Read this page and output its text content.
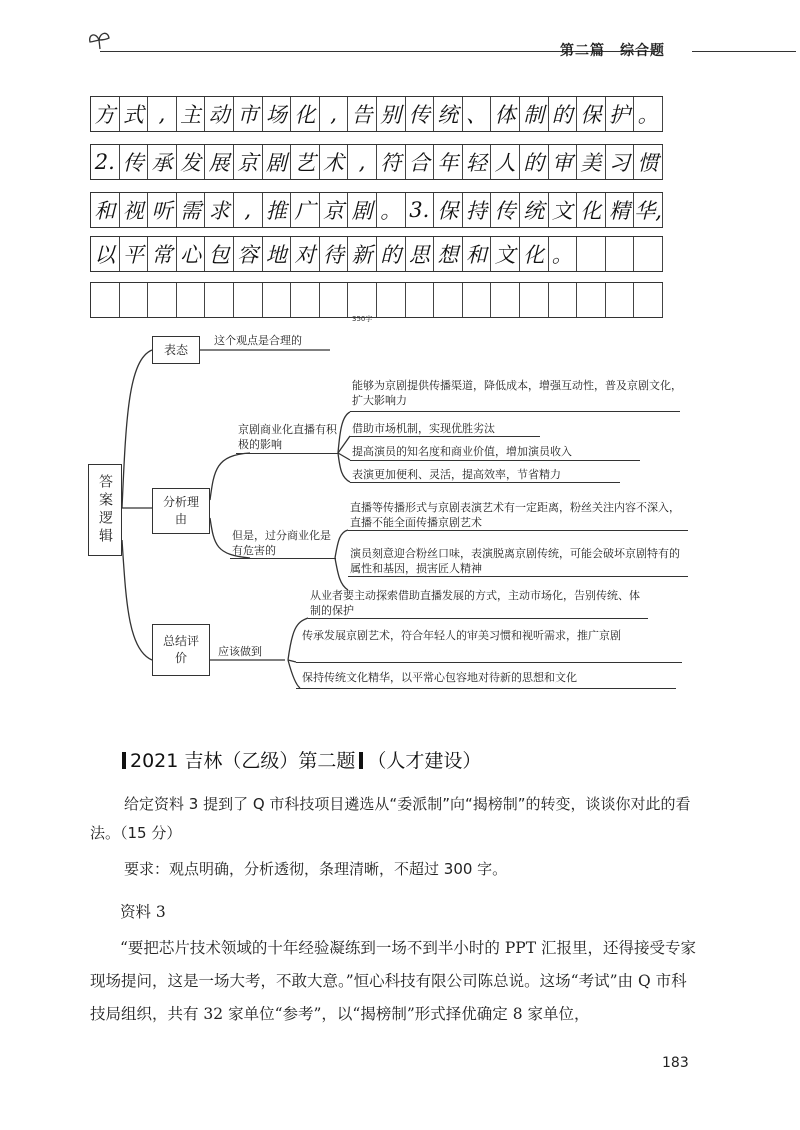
第二篇　综合题
方 式 , 主 动 市 场 化 , 告 别 传 统 、 体 制 的 保 护 。
2. 传 承 发 展 京 剧 艺 术 , 符 合 年 轻 人 的 审 美 习 惯
和 视 听 需 求 , 推 广 京 剧 。 3. 保 持 传 统 文 化 精 华,
以 平 常 心 包 容 地 对 待 新 的 思 想 和 文 化 。
350字
答案逻辑
表态
分析理由
总结评价
这个观点是合理的
京剧商业化直播有积极的影响
能够为京剧提供传播渠道，降低成本，增强互动性，普及京剧文化，扩大影响力
借助市场机制，实现优胜劣汰
提高演员的知名度和商业价值，增加演员收入
表演更加便利、灵活，提高效率，节省精力
但是，过分商业化是有危害的
直播等传播形式与京剧表演艺术有一定距离，粉丝关注内容不深入，直播不能全面传播京剧艺术
演员刻意迎合粉丝口味，表演脱离京剧传统，可能会破坏京剧特有的属性和基因，损害匠人精神
应该做到
从业者要主动探索借助直播发展的方式，主动市场化，告别传统、体制的保护
传承发展京剧艺术，符合年轻人的审美习惯和视听需求，推广京剧
保持传统文化精华，以平常心包容地对待新的思想和文化
2021 吉林（乙级）第二题 （人才建设）
给定资料 3 提到了 Q 市科技项目遴选从“委派制”向“揭榜制”的转变，谈谈你对此的看法。（15 分）
要求：观点明确，分析透彻，条理清晰，不超过 300 字。
资料 3
“要把芯片技术领域的十年经验凝练到一场不到半小时的 PPT 汇报里，还得接受专家现场提问，这是一场大考，不敢大意。”恒心科技有限公司陈总说。这场“考试”由 Q 市科技局组织，共有 32 家单位“参考”，以“揭榜制”形式择优确定 8 家单位，
183
